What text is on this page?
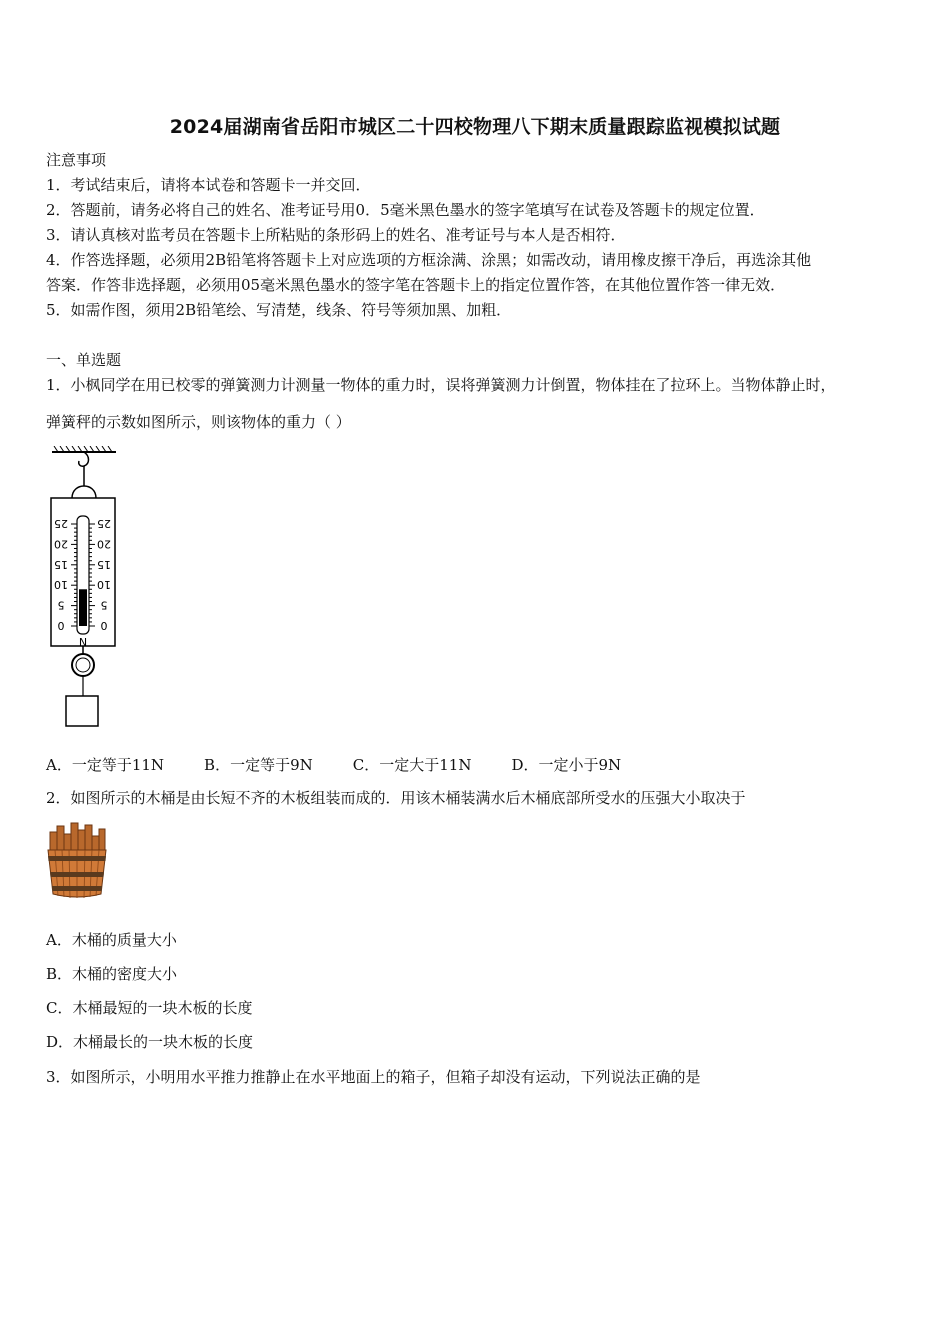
2024届湖南省岳阳市城区二十四校物理八下期末质量跟踪监视模拟试题
注意事项
1．考试结束后，请将本试卷和答题卡一并交回．
2．答题前，请务必将自己的姓名、准考证号用0．5毫米黑色墨水的签字笔填写在试卷及答题卡的规定位置．
3．请认真核对监考员在答题卡上所粘贴的条形码上的姓名、准考证号与本人是否相符．
4．作答选择题，必须用2B铅笔将答题卡上对应选项的方框涂满、涂黑；如需改动，请用橡皮擦干净后，再选涂其他
答案．作答非选择题，必须用05毫米黑色墨水的签字笔在答题卡上的指定位置作答，在其他位置作答一律无效．
5．如需作图，须用2B铅笔绘、写清楚，线条、符号等须加黑、加粗．
一、单选题
1．小枫同学在用已校零的弹簧测力计测量一物体的重力时，误将弹簧测力计倒置，物体挂在了拉环上。当物体静止时，
弹簧秤的示数如图所示，则该物体的重力（ ）
25
20
15
10
5
0
25
20
15
10
5
0
N
A．一定等于11N	B．一定等于9N	C．一定大于11N	D．一定小于9N
2．如图所示的木桶是由长短不齐的木板组装而成的．用该木桶装满水后木桶底部所受水的压强大小取决于
A．木桶的质量大小
B．木桶的密度大小
C．木桶最短的一块木板的长度
D．木桶最长的一块木板的长度
3．如图所示，小明用水平推力推静止在水平地面上的箱子，但箱子却没有运动，下列说法正确的是
